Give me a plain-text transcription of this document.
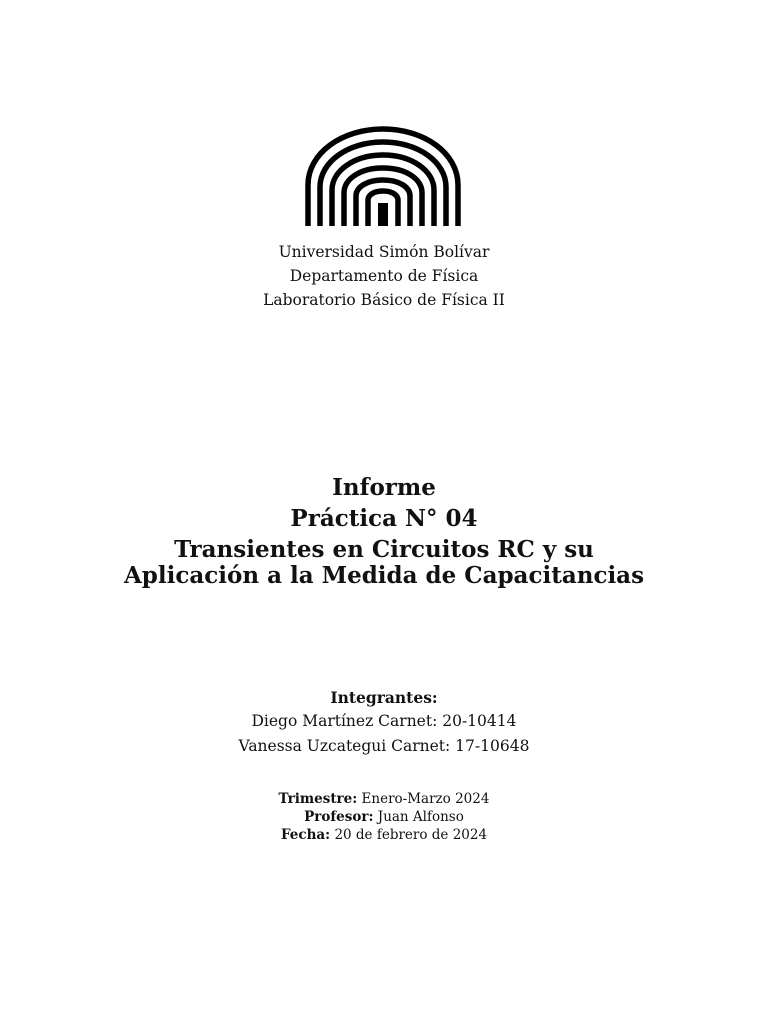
Universidad Simón Bolívar
Departamento de Física
Laboratorio Básico de Física II
Informe
Práctica N° 04
Transientes en Circuitos RC y su
Aplicación a la Medida de Capacitancias
Integrantes:
Diego Martínez Carnet: 20-10414
Vanessa Uzcategui Carnet: 17-10648
Trimestre: Enero-Marzo 2024
Profesor: Juan Alfonso
Fecha: 20 de febrero de 2024
